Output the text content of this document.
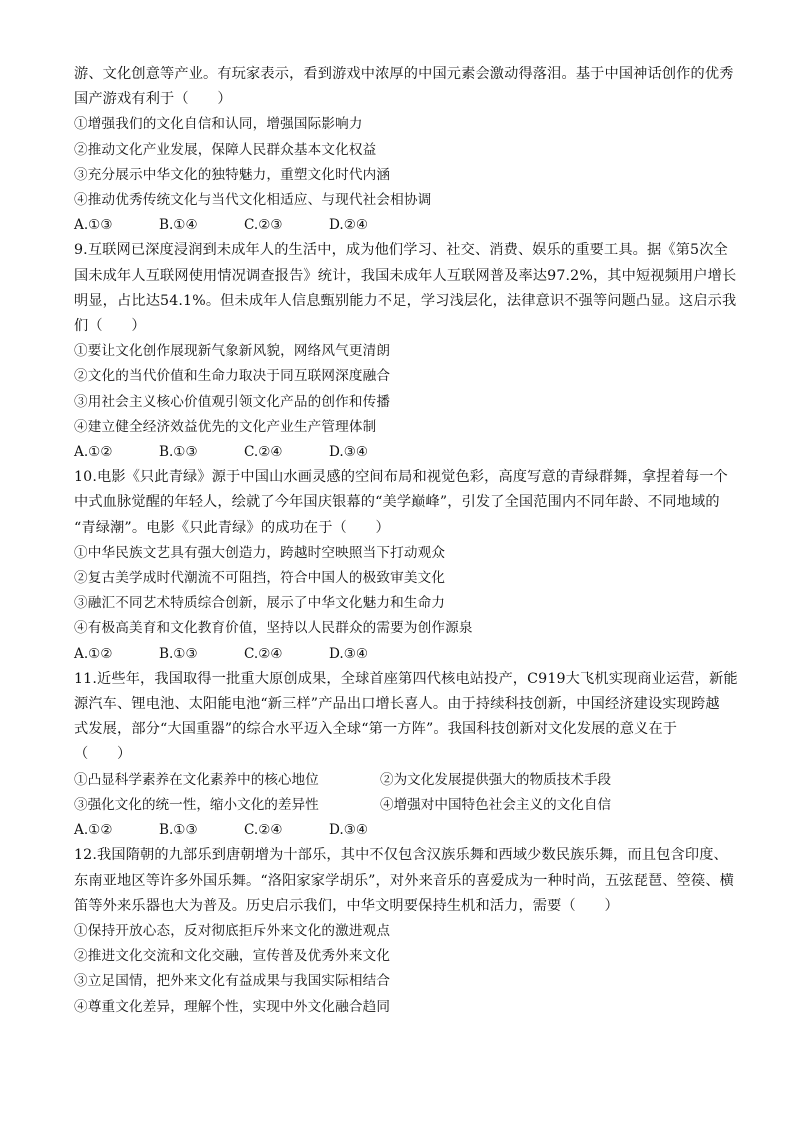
游、文化创意等产业。有玩家表示，看到游戏中浓厚的中国元素会激动得落泪。基于中国神话创作的优秀
国产游戏有利于（　　）
①增强我们的文化自信和认同，增强国际影响力
②推动文化产业发展，保障人民群众基本文化权益
③充分展示中华文化的独特魅力，重塑文化时代内涵
④推动优秀传统文化与当代文化相适应、与现代社会相协调
A.①③	B.①④	C.②③	D.②④
9.互联网已深度浸润到未成年人的生活中，成为他们学习、社交、消费、娱乐的重要工具。据《第5次全
国未成年人互联网使用情况调查报告》统计，我国未成年人互联网普及率达97.2%，其中短视频用户增长
明显，占比达54.1%。但未成年人信息甄别能力不足，学习浅层化，法律意识不强等问题凸显。这启示我
们（　　）
①要让文化创作展现新气象新风貌，网络风气更清朗
②文化的当代价值和生命力取决于同互联网深度融合
③用社会主义核心价值观引领文化产品的创作和传播
④建立健全经济效益优先的文化产业生产管理体制
A.①②	B.①③	C.②④	D.③④
10.电影《只此青绿》源于中国山水画灵感的空间布局和视觉色彩，高度写意的青绿群舞，拿捏着每一个
中式血脉觉醒的年轻人，绘就了今年国庆银幕的“美学巅峰”，引发了全国范围内不同年龄、不同地域的
“青绿潮”。电影《只此青绿》的成功在于（　　）
①中华民族文艺具有强大创造力，跨越时空映照当下打动观众
②复古美学成时代潮流不可阻挡，符合中国人的极致审美文化
③融汇不同艺术特质综合创新，展示了中华文化魅力和生命力
④有极高美育和文化教育价值，坚持以人民群众的需要为创作源泉
A.①②	B.①③	C.②④	D.③④
11.近些年，我国取得一批重大原创成果，全球首座第四代核电站投产，C919大飞机实现商业运营，新能
源汽车、锂电池、太阳能电池“新三样”产品出口增长喜人。由于持续科技创新，中国经济建设实现跨越
式发展，部分“大国重器”的综合水平迈入全球“第一方阵”。我国科技创新对文化发展的意义在于
（　　）
①凸显科学素养在文化素养中的核心地位	②为文化发展提供强大的物质技术手段
③强化文化的统一性，缩小文化的差异性	④增强对中国特色社会主义的文化自信
A.①②	B.①③	C.②④	D.③④
12.我国隋朝的九部乐到唐朝增为十部乐，其中不仅包含汉族乐舞和西域少数民族乐舞，而且包含印度、
东南亚地区等许多外国乐舞。“洛阳家家学胡乐”，对外来音乐的喜爱成为一种时尚，五弦琵琶、箜篌、横
笛等外来乐器也大为普及。历史启示我们，中华文明要保持生机和活力，需要（　　）
①保持开放心态，反对彻底拒斥外来文化的激进观点
②推进文化交流和文化交融，宣传普及优秀外来文化
③立足国情，把外来文化有益成果与我国实际相结合
④尊重文化差异，理解个性，实现中外文化融合趋同
